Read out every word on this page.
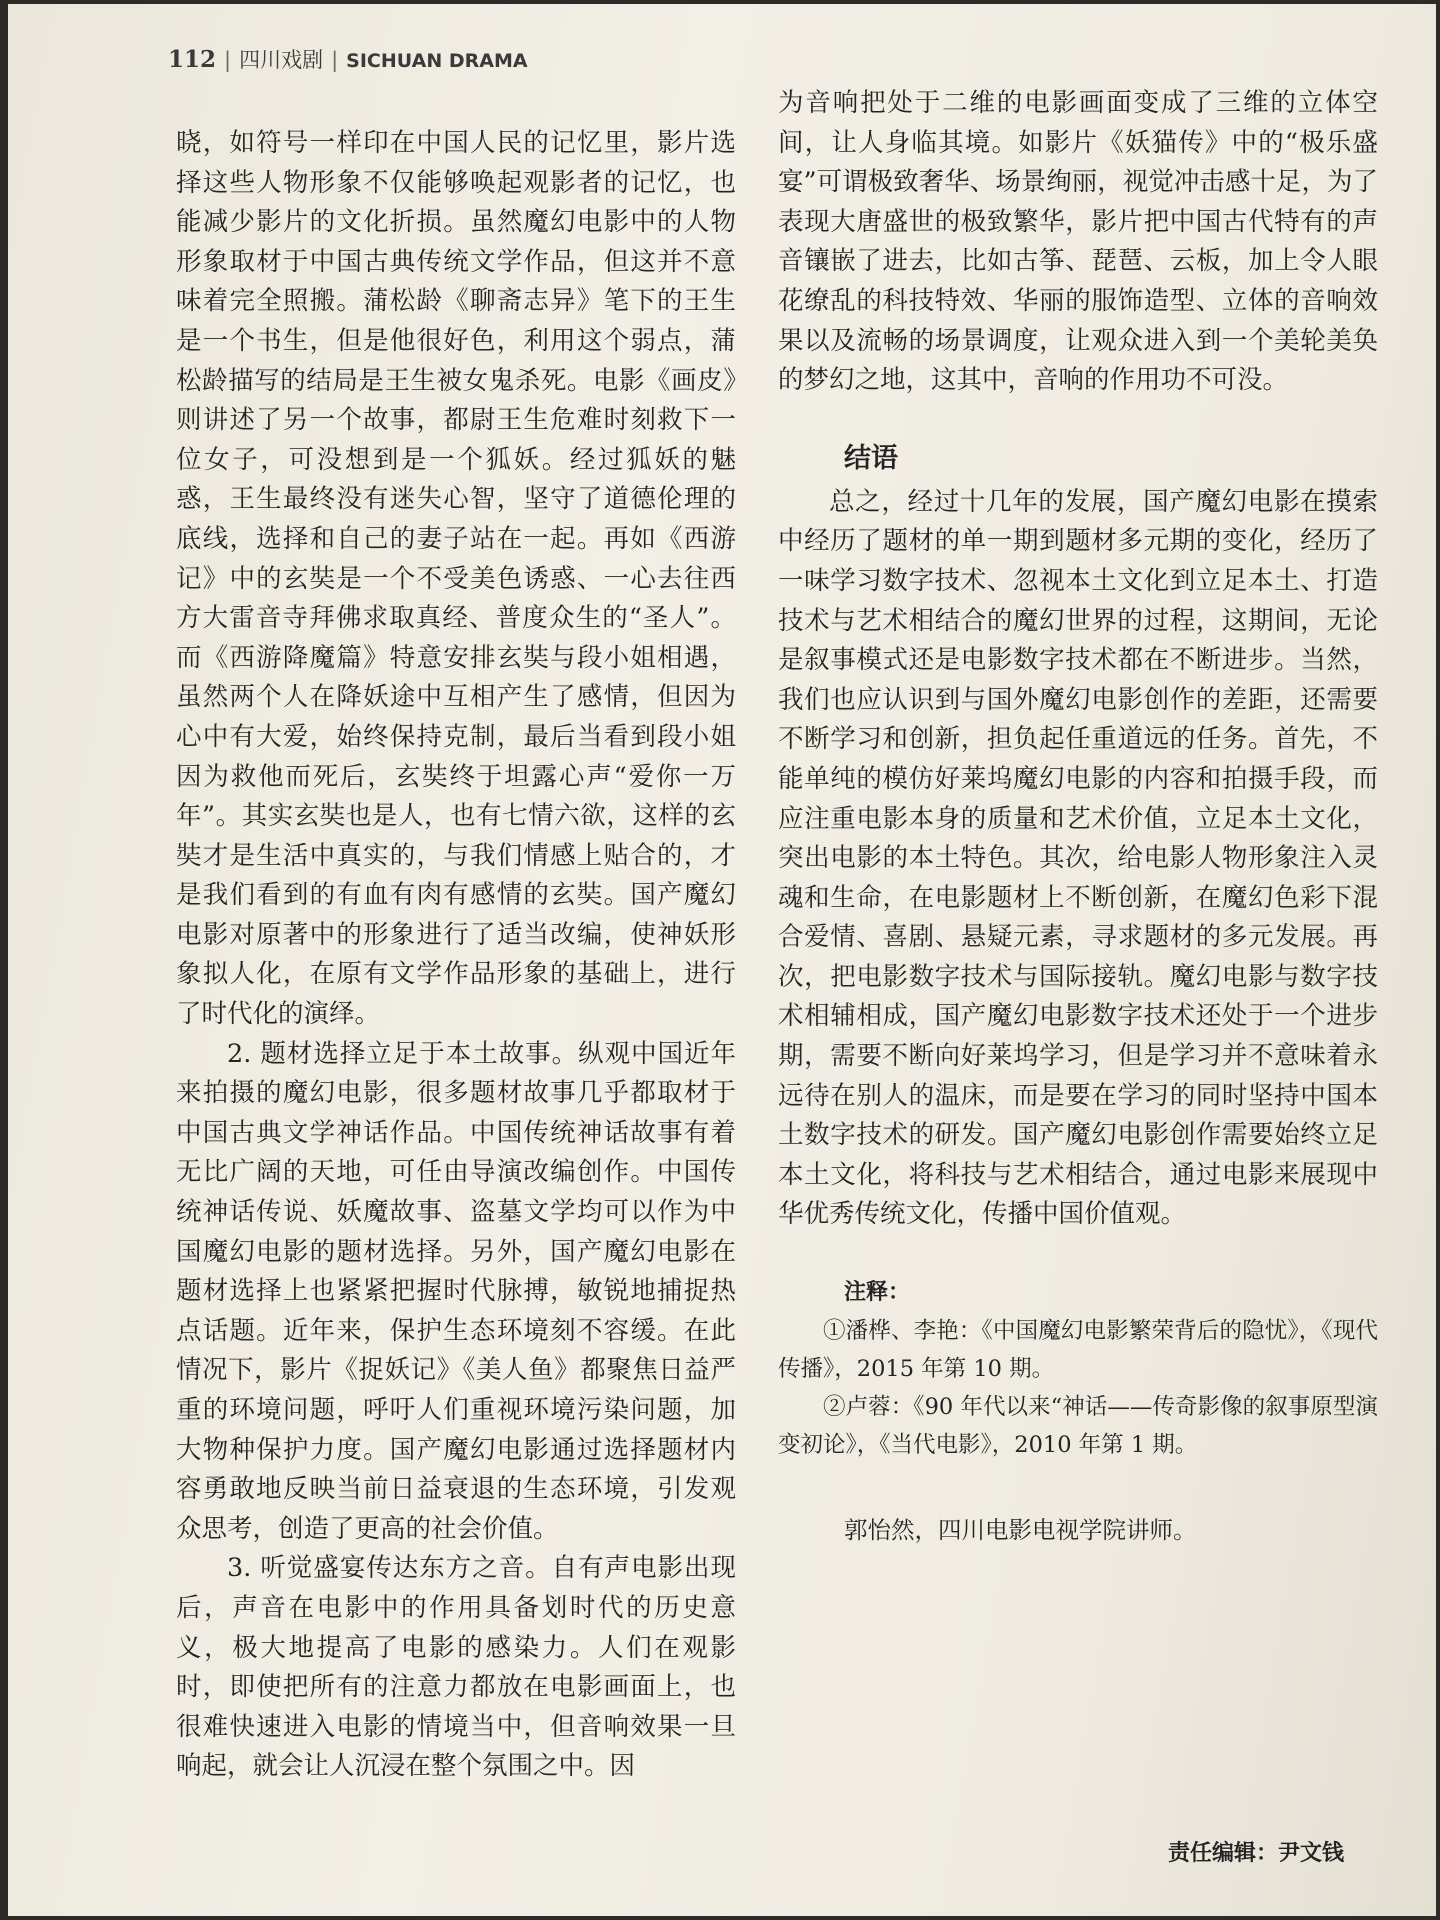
112 | 四川戏剧 | SICHUAN DRAMA

晓，如符号一样印在中国人民的记忆里，影片选择这些人物形象不仅能够唤起观影者的记忆，也能减少影片的文化折损。虽然魔幻电影中的人物形象取材于中国古典传统文学作品，但这并不意味着完全照搬。蒲松龄《聊斋志异》笔下的王生是一个书生，但是他很好色，利用这个弱点，蒲松龄描写的结局是王生被女鬼杀死。电影《画皮》则讲述了另一个故事，都尉王生危难时刻救下一位女子，可没想到是一个狐妖。经过狐妖的魅惑，王生最终没有迷失心智，坚守了道德伦理的底线，选择和自己的妻子站在一起。再如《西游记》中的玄奘是一个不受美色诱惑、一心去往西方大雷音寺拜佛求取真经、普度众生的“圣人”。而《西游降魔篇》特意安排玄奘与段小姐相遇，虽然两个人在降妖途中互相产生了感情，但因为心中有大爱，始终保持克制，最后当看到段小姐因为救他而死后，玄奘终于坦露心声“爱你一万年”。其实玄奘也是人，也有七情六欲，这样的玄奘才是生活中真实的，与我们情感上贴合的，才是我们看到的有血有肉有感情的玄奘。国产魔幻电影对原著中的形象进行了适当改编，使神妖形象拟人化，在原有文学作品形象的基础上，进行了时代化的演绎。

2. 题材选择立足于本土故事。纵观中国近年来拍摄的魔幻电影，很多题材故事几乎都取材于中国古典文学神话作品。中国传统神话故事有着无比广阔的天地，可任由导演改编创作。中国传统神话传说、妖魔故事、盗墓文学均可以作为中国魔幻电影的题材选择。另外，国产魔幻电影在题材选择上也紧紧把握时代脉搏，敏锐地捕捉热点话题。近年来，保护生态环境刻不容缓。在此情况下，影片《捉妖记》《美人鱼》都聚焦日益严重的环境问题，呼吁人们重视环境污染问题，加大物种保护力度。国产魔幻电影通过选择题材内容勇敢地反映当前日益衰退的生态环境，引发观众思考，创造了更高的社会价值。

3. 听觉盛宴传达东方之音。自有声电影出现后，声音在电影中的作用具备划时代的历史意义，极大地提高了电影的感染力。人们在观影时，即使把所有的注意力都放在电影画面上，也很难快速进入电影的情境当中，但音响效果一旦响起，就会让人沉浸在整个氛围之中。因

为音响把处于二维的电影画面变成了三维的立体空间，让人身临其境。如影片《妖猫传》中的“极乐盛宴”可谓极致奢华、场景绚丽，视觉冲击感十足，为了表现大唐盛世的极致繁华，影片把中国古代特有的声音镶嵌了进去，比如古筝、琵琶、云板，加上令人眼花缭乱的科技特效、华丽的服饰造型、立体的音响效果以及流畅的场景调度，让观众进入到一个美轮美奂的梦幻之地，这其中，音响的作用功不可没。

结语

总之，经过十几年的发展，国产魔幻电影在摸索中经历了题材的单一期到题材多元期的变化，经历了一味学习数字技术、忽视本土文化到立足本土、打造技术与艺术相结合的魔幻世界的过程，这期间，无论是叙事模式还是电影数字技术都在不断进步。当然，我们也应认识到与国外魔幻电影创作的差距，还需要不断学习和创新，担负起任重道远的任务。首先，不能单纯的模仿好莱坞魔幻电影的内容和拍摄手段，而应注重电影本身的质量和艺术价值，立足本土文化，突出电影的本土特色。其次，给电影人物形象注入灵魂和生命，在电影题材上不断创新，在魔幻色彩下混合爱情、喜剧、悬疑元素，寻求题材的多元发展。再次，把电影数字技术与国际接轨。魔幻电影与数字技术相辅相成，国产魔幻电影数字技术还处于一个进步期，需要不断向好莱坞学习，但是学习并不意味着永远待在别人的温床，而是要在学习的同时坚持中国本土数字技术的研发。国产魔幻电影创作需要始终立足本土文化，将科技与艺术相结合，通过电影来展现中华优秀传统文化，传播中国价值观。

注释：

①潘桦、李艳：《中国魔幻电影繁荣背后的隐忧》，《现代传播》，2015 年第 10 期。

②卢蓉：《90 年代以来“神话——传奇影像的叙事原型演变初论》，《当代电影》，2010 年第 1 期。

郭怡然，四川电影电视学院讲师。
责任编辑：尹文钱
